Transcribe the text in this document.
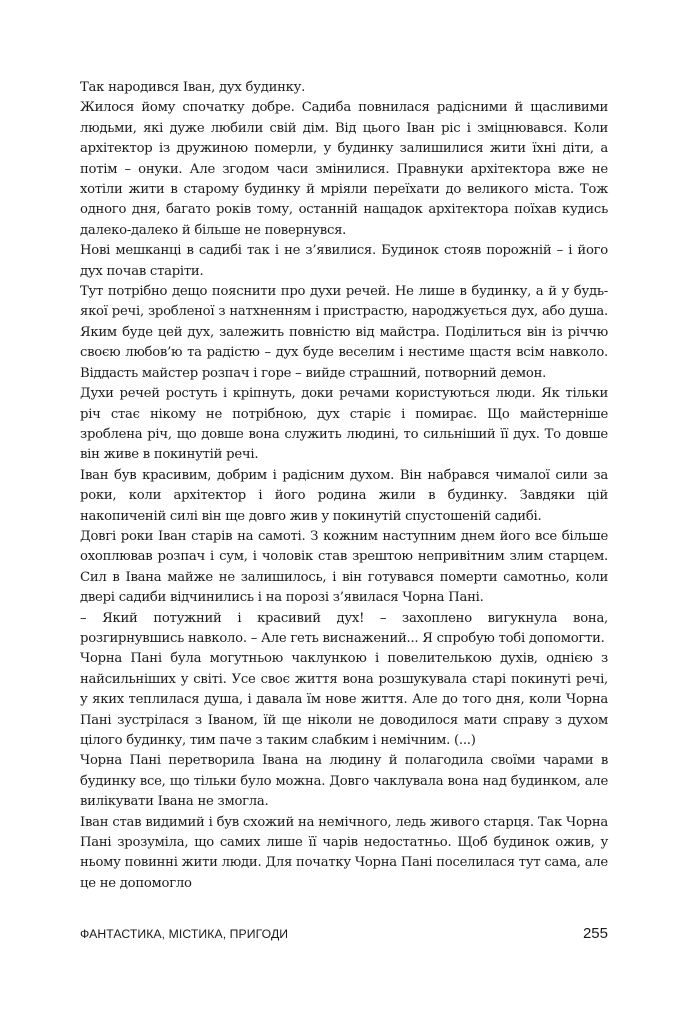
Так народився Іван, дух будинку.

Жилося йому спочатку добре. Садиба повнилася радісними й щасливими людьми, які дуже любили свій дім. Від цього Іван ріс і зміцнювався. Коли архітектор із дружиною померли, у будинку залишилися жити їхні діти, а потім – онуки. Але згодом часи змінилися. Правнуки архітектора вже не хотіли жити в старому будинку й мріяли переїхати до великого міста. Тож одного дня, багато років тому, останній нащадок архітектора поїхав кудись далеко-далеко й більше не повернувся.

Нові мешканці в садибі так і не з’явилися. Будинок стояв порожній – і його дух почав старіти.

Тут потрібно дещо пояснити про духи речей. Не лише в будинку, а й у будь-якої речі, зробленої з натхненням і пристрастю, народжується дух, або душа. Яким буде цей дух, залежить повністю від майстра. Поділиться він із річчю своєю любов’ю та радістю – дух буде веселим і нестиме щастя всім навколо. Віддасть майстер розпач і горе – вийде страшний, потворний демон.

Духи речей ростуть і кріпнуть, доки речами користуються люди. Як тільки річ стає нікому не потрібною, дух старіє і помирає. Що майстерніше зроблена річ, що довше вона служить людині, то сильніший її дух. То довше він живе в покинутій речі.

Іван був красивим, добрим і радісним духом. Він набрався чималої сили за роки, коли архітектор і його родина жили в будинку. Завдяки цій накопиченій силі він ще довго жив у покинутій спустошеній садибі.

Довгі роки Іван старів на самоті. З кожним наступним днем його все більше охоплював розпач і сум, і чоловік став зрештою непривітним злим старцем. Сил в Івана майже не залишилось, і він готувався померти самотньо, коли двері садиби відчинились і на порозі з’явилася Чорна Пані.

– Який потужний і красивий дух! – захоплено вигукнула вона, розгирнувшись навколо. – Але геть виснажений... Я спробую тобі допомогти.

Чорна Пані була могутньою чаклункою і повелителькою духів, однією з найсильніших у світі. Усе своє життя вона розшукувала старі покинуті речі, у яких теплилася душа, і давала їм нове життя. Але до того дня, коли Чорна Пані зустрілася з Іваном, їй ще ніколи не доводилося мати справу з духом цілого будинку, тим паче з таким слабким і немічним. (...)

Чорна Пані перетворила Івана на людину й полагодила своїми чарами в будинку все, що тільки було можна. Довго чаклувала вона над будинком, але вилікувати Івана не змогла.

Іван став видимий і був схожий на немічного, ледь живого старця. Так Чорна Пані зрозуміла, що самих лише її чарів недостатньо. Щоб будинок ожив, у ньому повинні жити люди. Для початку Чорна Пані поселилася тут сама, але це не допомогло

ФАНТАСТИКА, МІСТИКА, ПРИГОДИ	255
